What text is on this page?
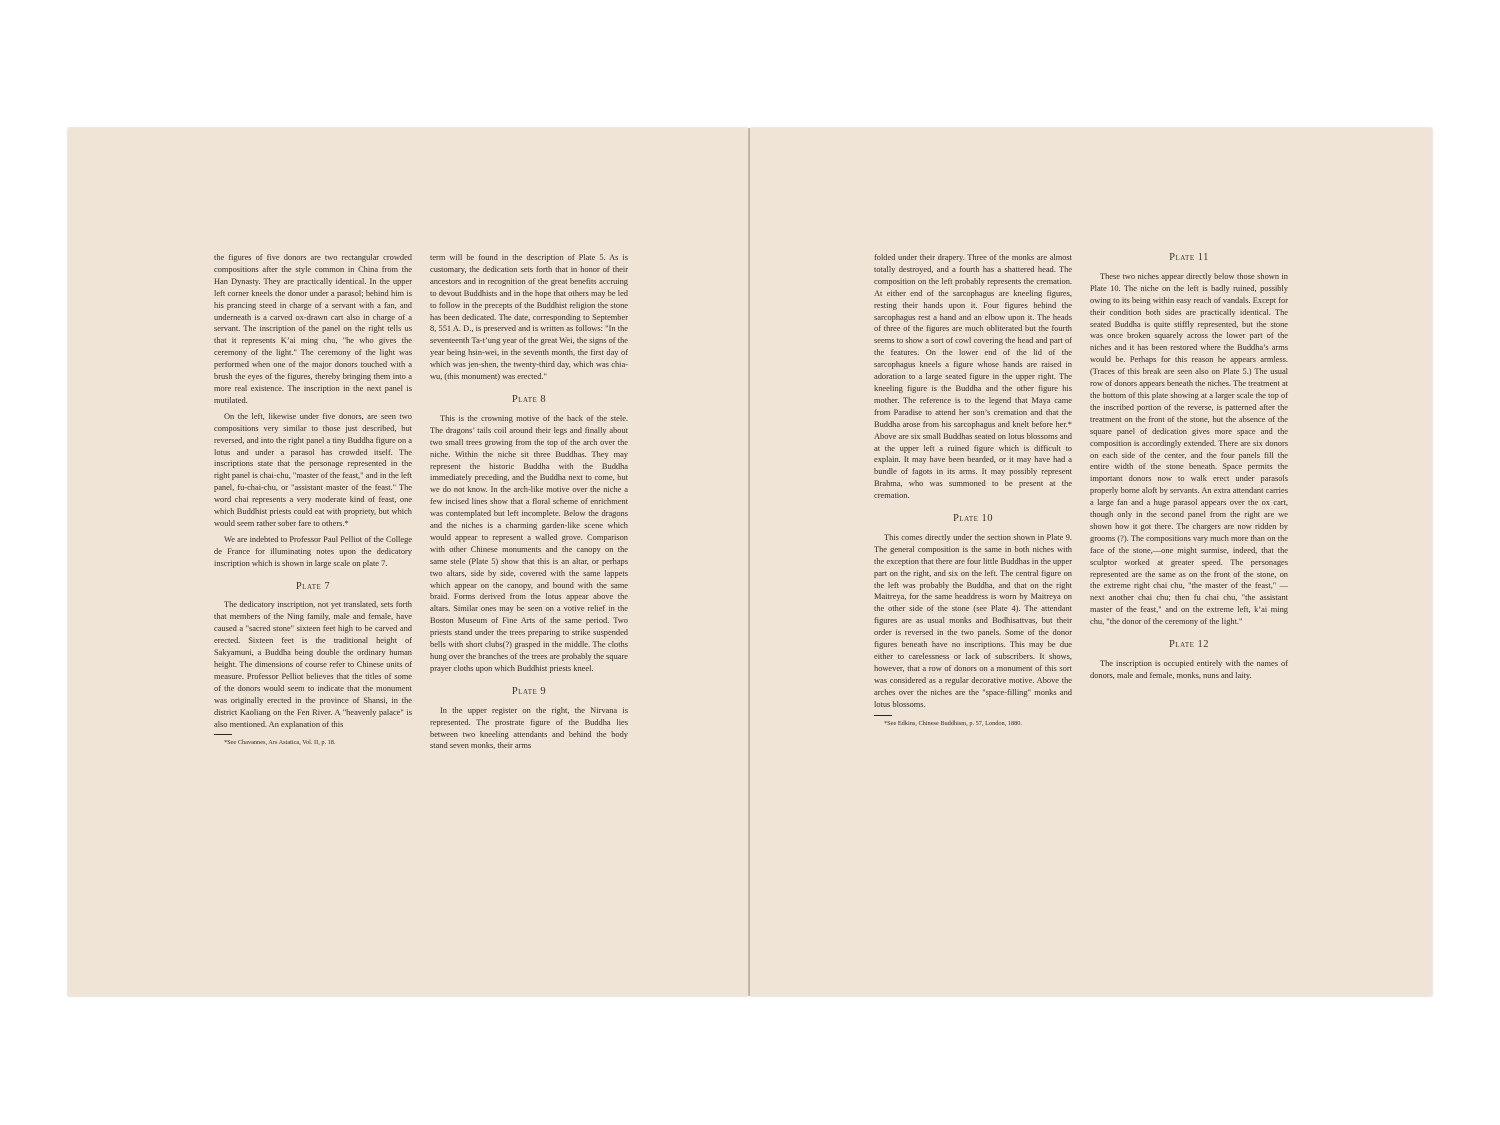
the figures of five donors are two rectangular crowded compositions after the style common in China from the Han Dynasty. They are practically identical. In the upper left corner kneels the donor under a parasol; behind him is his prancing steed in charge of a servant with a fan, and underneath is a carved ox-drawn cart also in charge of a servant. The inscription of the panel on the right tells us that it represents K’ai ming chu, "he who gives the ceremony of the light." The ceremony of the light was performed when one of the major donors touched with a brush the eyes of the figures, thereby bringing them into a more real existence. The inscription in the next panel is mutilated.

On the left, likewise under five donors, are seen two compositions very similar to those just described, but reversed, and into the right panel a tiny Buddha figure on a lotus and under a parasol has crowded itself. The inscriptions state that the personage represented in the right panel is chai-chu, "master of the feast," and in the left panel, fu-chai-chu, or "assistant master of the feast." The word chai represents a very moderate kind of feast, one which Buddhist priests could eat with propriety, but which would seem rather sober fare to others.*

We are indebted to Professor Paul Pelliot of the College de France for illuminating notes upon the dedicatory inscription which is shown in large scale on plate 7.

Plate 7

The dedicatory inscription, not yet translated, sets forth that members of the Ning family, male and female, have caused a "sacred stone" sixteen feet high to be carved and erected. Sixteen feet is the traditional height of Sakyamuni, a Buddha being double the ordinary human height. The dimensions of course refer to Chinese units of measure. Professor Pelliot believes that the titles of some of the donors would seem to indicate that the monument was originally erected in the province of Shansi, in the district Kaoliang on the Fen River. A "heavenly palace" is also mentioned. An explanation of this

*See Chavannes, Ars Asiatica, Vol. II, p. 18.

term will be found in the description of Plate 5. As is customary, the dedication sets forth that in honor of their ancestors and in recognition of the great benefits accruing to devout Buddhists and in the hope that others may be led to follow in the precepts of the Buddhist religion the stone has been dedicated. The date, corresponding to September 8, 551 A. D., is preserved and is written as follows: "In the seventeenth Ta-t’ung year of the great Wei, the signs of the year being hsin-wei, in the seventh month, the first day of which was jen-shen, the twenty-third day, which was chia-wu, (this monument) was erected."

Plate 8

This is the crowning motive of the back of the stele. The dragons’ tails coil around their legs and finally about two small trees growing from the top of the arch over the niche. Within the niche sit three Buddhas. They may represent the historic Buddha with the Buddha immediately preceding, and the Buddha next to come, but we do not know. In the arch-like motive over the niche a few incised lines show that a floral scheme of enrichment was contemplated but left incomplete. Below the dragons and the niches is a charming garden-like scene which would appear to represent a walled grove. Comparison with other Chinese monuments and the canopy on the same stele (Plate 5) show that this is an altar, or perhaps two altars, side by side, covered with the same lappets which appear on the canopy, and bound with the same braid. Forms derived from the lotus appear above the altars. Similar ones may be seen on a votive relief in the Boston Museum of Fine Arts of the same period. Two priests stand under the trees preparing to strike suspended bells with short clubs(?) grasped in the middle. The cloths hung over the branches of the trees are probably the square prayer cloths upon which Buddhist priests kneel.

Plate 9

In the upper register on the right, the Nirvana is represented. The prostrate figure of the Buddha lies between two kneeling attendants and behind the body stand seven monks, their arms

folded under their drapery. Three of the monks are almost totally destroyed, and a fourth has a shattered head. The composition on the left probably represents the cremation. At either end of the sarcophagus are kneeling figures, resting their hands upon it. Four figures behind the sarcophagus rest a hand and an elbow upon it. The heads of three of the figures are much obliterated but the fourth seems to show a sort of cowl covering the head and part of the features. On the lower end of the lid of the sarcophagus kneels a figure whose hands are raised in adoration to a large seated figure in the upper right. The kneeling figure is the Buddha and the other figure his mother. The reference is to the legend that Maya came from Paradise to attend her son’s cremation and that the Buddha arose from his sarcophagus and knelt before her.* Above are six small Buddhas seated on lotus blossoms and at the upper left a ruined figure which is difficult to explain. It may have been bearded, or it may have had a bundle of fagots in its arms. It may possibly represent Brahma, who was summoned to be present at the cremation.

Plate 10

This comes directly under the section shown in Plate 9. The general composition is the same in both niches with the exception that there are four little Buddhas in the upper part on the right, and six on the left. The central figure on the left was probably the Buddha, and that on the right Maitreya, for the same headdress is worn by Maitreya on the other side of the stone (see Plate 4). The attendant figures are as usual monks and Bodhisattvas, but their order is reversed in the two panels. Some of the donor figures beneath have no inscriptions. This may be due either to carelessness or lack of subscribers. It shows, however, that a row of donors on a monument of this sort was considered as a regular decorative motive. Above the arches over the niches are the "space-filling" monks and lotus blossoms.

*See Edkins, Chinese Buddhism, p. 57, London, 1880.

Plate 11

These two niches appear directly below those shown in Plate 10. The niche on the left is badly ruined, possibly owing to its being within easy reach of vandals. Except for their condition both sides are practically identical. The seated Buddha is quite stiffly represented, but the stone was once broken squarely across the lower part of the niches and it has been restored where the Buddha’s arms would be. Perhaps for this reason he appears armless. (Traces of this break are seen also on Plate 5.) The usual row of donors appears beneath the niches. The treatment at the bottom of this plate showing at a larger scale the top of the inscribed portion of the reverse, is patterned after the treatment on the front of the stone, but the absence of the square panel of dedication gives more space and the composition is accordingly extended. There are six donors on each side of the center, and the four panels fill the entire width of the stone beneath. Space permits the important donors now to walk erect under parasols properly borne aloft by servants. An extra attendant carries a large fan and a huge parasol appears over the ox cart, though only in the second panel from the right are we shown how it got there. The chargers are now ridden by grooms (?). The compositions vary much more than on the face of the stone,—one might surmise, indeed, that the sculptor worked at greater speed. The personages represented are the same as on the front of the stone, on the extreme right chai chu, "the master of the feast," —next another chai chu; then fu chai chu, "the assistant master of the feast," and on the extreme left, k’ai ming chu, "the donor of the ceremony of the light."

Plate 12

The inscription is occupied entirely with the names of donors, male and female, monks, nuns and laity.
